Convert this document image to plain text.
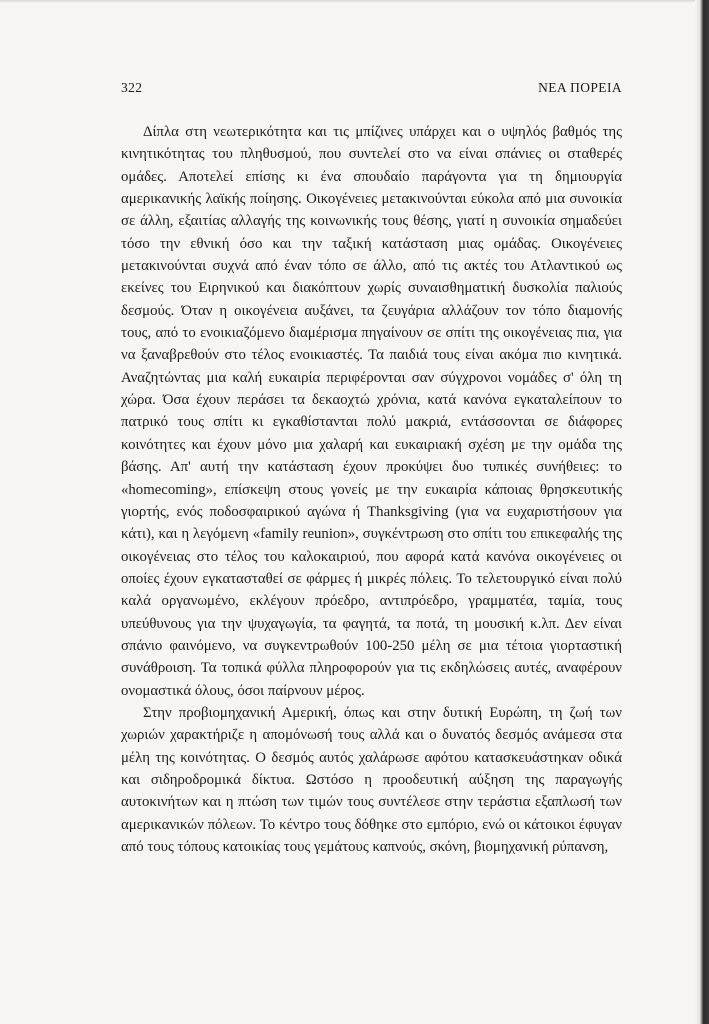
322	ΝΕΑ ΠΟΡΕΙΑ

Δίπλα στη νεωτερικότητα και τις μπίζινες υπάρχει και ο υψηλός βαθμός της κινητικότητας του πληθυσμού, που συντελεί στο να είναι σπάνιες οι σταθερές ομάδες. Αποτελεί επίσης κι ένα σπουδαίο παράγοντα για τη δημιουργία αμερικανικής λαϊκής ποίησης. Οικογένειες μετακινούνται εύκολα από μια συνοικία σε άλλη, εξαιτίας αλλαγής της κοινωνικής τους θέσης, γιατί η συνοικία σημαδεύει τόσο την εθνική όσο και την ταξική κατάσταση μιας ομάδας. Οικογένειες μετακινούνται συχνά από έναν τόπο σε άλλο, από τις ακτές του Ατλαντικού ως εκείνες του Ειρηνικού και διακόπτουν χωρίς συναισθηματική δυσκολία παλιούς δεσμούς. Όταν η οικογένεια αυξάνει, τα ζευγάρια αλλάζουν τον τόπο διαμονής τους, από το ενοικιαζόμενο διαμέρισμα πηγαίνουν σε σπίτι της οικογένειας πια, για να ξαναβρεθούν στο τέλος ενοικιαστές. Τα παιδιά τους είναι ακόμα πιο κινητικά. Αναζητώντας μια καλή ευκαιρία περιφέρονται σαν σύγχρονοι νομάδες σ' όλη τη χώρα. Όσα έχουν περάσει τα δεκαοχτώ χρόνια, κατά κανόνα εγκαταλείπουν το πατρικό τους σπίτι κι εγκαθίστανται πολύ μακριά, εντάσσονται σε διάφορες κοινότητες και έχουν μόνο μια χαλαρή και ευκαιριακή σχέση με την ομάδα της βάσης. Απ' αυτή την κατάσταση έχουν προκύψει δυο τυπικές συνήθειες: το «homecoming», επίσκεψη στους γονείς με την ευκαιρία κάποιας θρησκευτικής γιορτής, ενός ποδοσφαιρικού αγώνα ή Thanksgiving (για να ευχαριστήσουν για κάτι), και η λεγόμενη «family reunion», συγκέντρωση στο σπίτι του επικεφαλής της οικογένειας στο τέλος του καλοκαιριού, που αφορά κατά κανόνα οικογένειες οι οποίες έχουν εγκατασταθεί σε φάρμες ή μικρές πόλεις. Το τελετουργικό είναι πολύ καλά οργανωμένο, εκλέγουν πρόεδρο, αντιπρόεδρο, γραμματέα, ταμία, τους υπεύθυνους για την ψυχαγωγία, τα φαγητά, τα ποτά, τη μουσική κ.λπ. Δεν είναι σπάνιο φαινόμενο, να συγκεντρωθούν 100-250 μέλη σε μια τέτοια γιορταστική συνάθροιση. Τα τοπικά φύλλα πληροφορούν για τις εκδηλώσεις αυτές, αναφέρουν ονομαστικά όλους, όσοι παίρνουν μέρος.

Στην προβιομηχανική Αμερική, όπως και στην δυτική Ευρώπη, τη ζωή των χωριών χαρακτήριζε η απομόνωσή τους αλλά και ο δυνατός δεσμός ανάμεσα στα μέλη της κοινότητας. Ο δεσμός αυτός χαλάρωσε αφότου κατασκευάστηκαν οδικά και σιδηροδρομικά δίκτυα. Ωστόσο η προοδευτική αύξηση της παραγωγής αυτοκινήτων και η πτώση των τιμών τους συντέλεσε στην τεράστια εξαπλωσή των αμερικανικών πόλεων. Το κέντρο τους δόθηκε στο εμπόριο, ενώ οι κάτοικοι έφυγαν από τους τόπους κατοικίας τους γεμάτους καπνούς, σκόνη, βιομηχανική ρύπανση,
